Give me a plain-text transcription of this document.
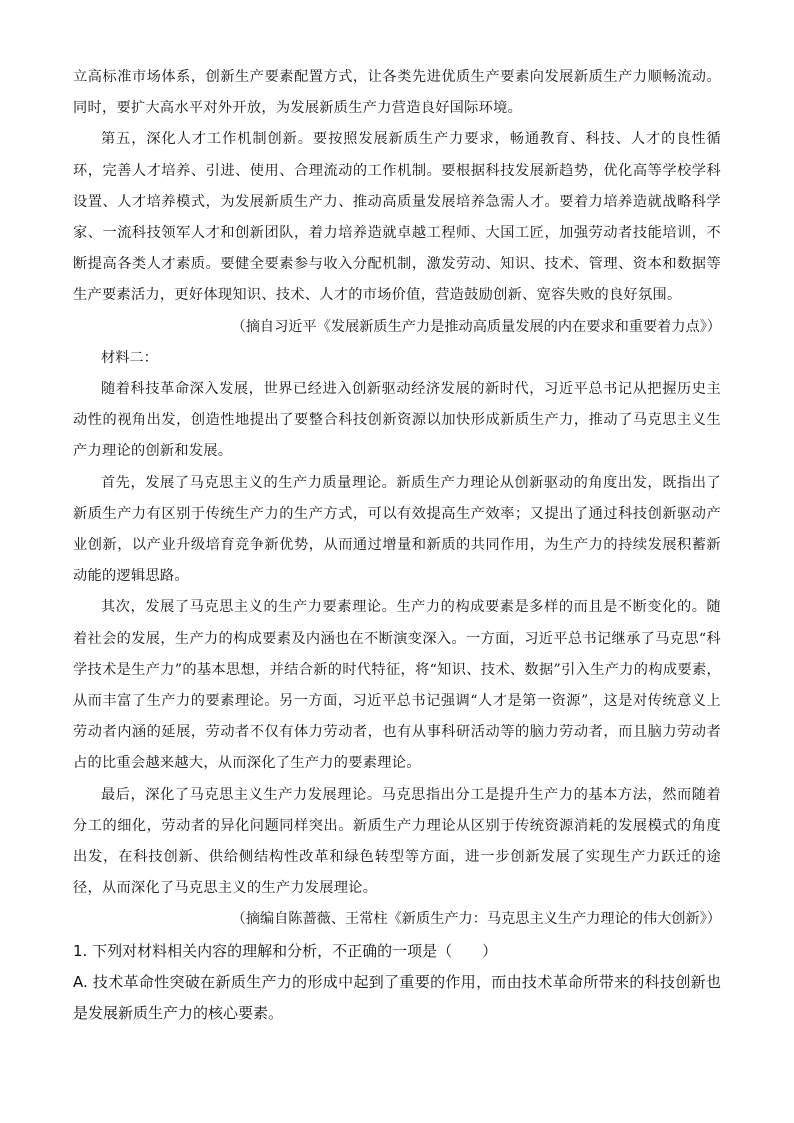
立高标准市场体系，创新生产要素配置方式，让各类先进优质生产要素向发展新质生产力顺畅流动。同时，要扩大高水平对外开放，为发展新质生产力营造良好国际环境。

第五，深化人才工作机制创新。要按照发展新质生产力要求，畅通教育、科技、人才的良性循环，完善人才培养、引进、使用、合理流动的工作机制。要根据科技发展新趋势，优化高等学校学科设置、人才培养模式，为发展新质生产力、推动高质量发展培养急需人才。要着力培养造就战略科学家、一流科技领军人才和创新团队，着力培养造就卓越工程师、大国工匠，加强劳动者技能培训，不断提高各类人才素质。要健全要素参与收入分配机制，激发劳动、知识、技术、管理、资本和数据等生产要素活力，更好体现知识、技术、人才的市场价值，营造鼓励创新、宽容失败的良好氛围。

（摘自习近平《发展新质生产力是推动高质量发展的内在要求和重要着力点》）

材料二：

随着科技革命深入发展，世界已经进入创新驱动经济发展的新时代，习近平总书记从把握历史主动性的视角出发，创造性地提出了要整合科技创新资源以加快形成新质生产力，推动了马克思主义生产力理论的创新和发展。

首先，发展了马克思主义的生产力质量理论。新质生产力理论从创新驱动的角度出发，既指出了新质生产力有区别于传统生产力的生产方式，可以有效提高生产效率；又提出了通过科技创新驱动产业创新，以产业升级培育竞争新优势，从而通过增量和新质的共同作用，为生产力的持续发展积蓄新动能的逻辑思路。

其次，发展了马克思主义的生产力要素理论。生产力的构成要素是多样的而且是不断变化的。随着社会的发展，生产力的构成要素及内涵也在不断演变深入。一方面，习近平总书记继承了马克思“科学技术是生产力”的基本思想，并结合新的时代特征，将“知识、技术、数据”引入生产力的构成要素，从而丰富了生产力的要素理论。另一方面，习近平总书记强调“人才是第一资源”，这是对传统意义上劳动者内涵的延展，劳动者不仅有体力劳动者，也有从事科研活动等的脑力劳动者，而且脑力劳动者占的比重会越来越大，从而深化了生产力的要素理论。

最后，深化了马克思主义生产力发展理论。马克思指出分工是提升生产力的基本方法，然而随着分工的细化，劳动者的异化问题同样突出。新质生产力理论从区别于传统资源消耗的发展模式的角度出发，在科技创新、供给侧结构性改革和绿色转型等方面，进一步创新发展了实现生产力跃迁的途径，从而深化了马克思主义的生产力发展理论。

（摘编自陈蔷薇、王常柱《新质生产力：马克思主义生产力理论的伟大创新》）

1. 下列对材料相关内容的理解和分析，不正确的一项是（　　）

A. 技术革命性突破在新质生产力的形成中起到了重要的作用，而由技术革命所带来的科技创新也是发展新质生产力的核心要素。
